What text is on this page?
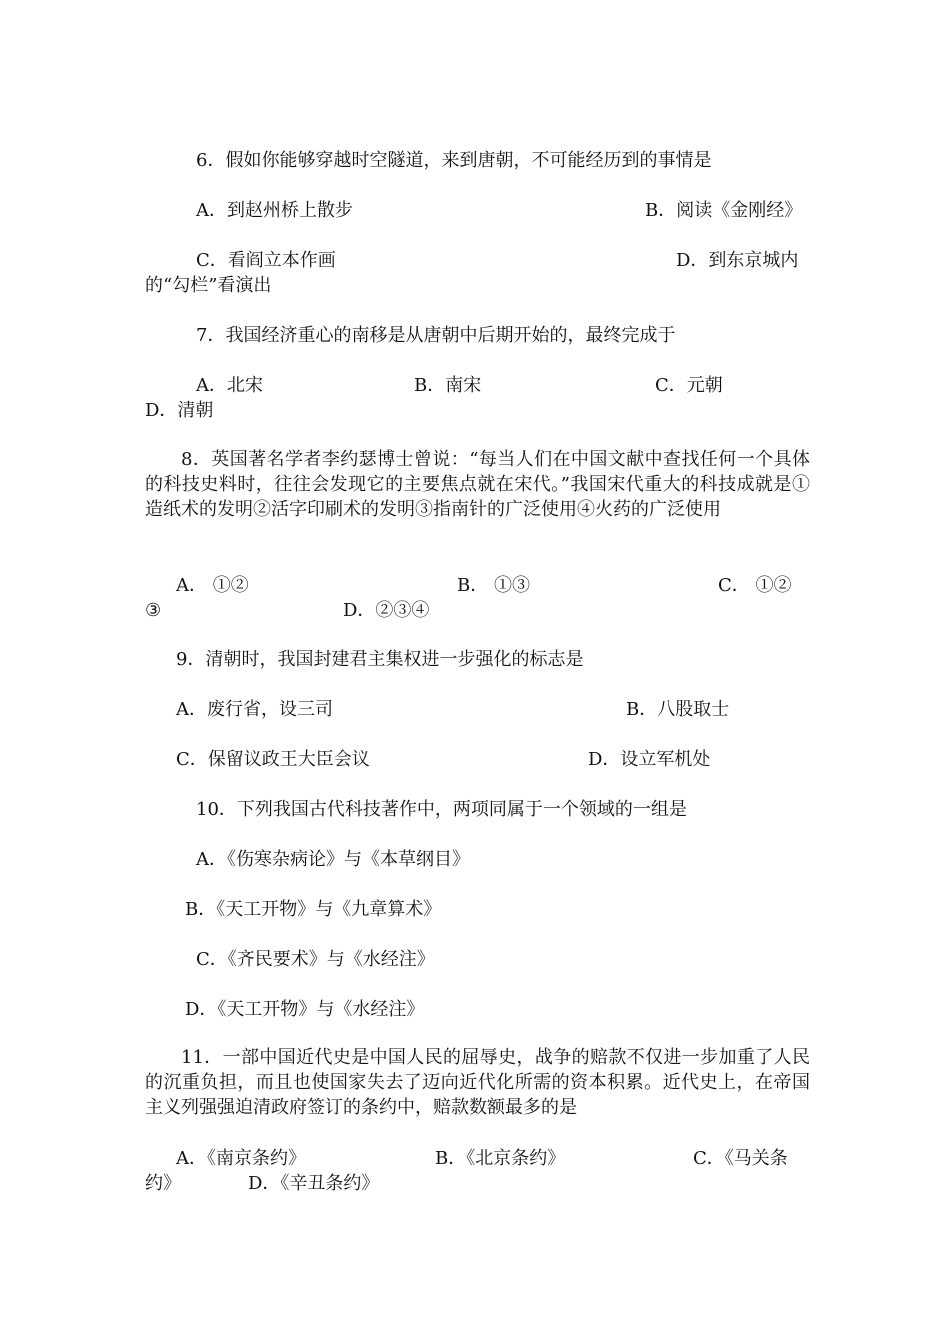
6．假如你能够穿越时空隧道，来到唐朝，不可能经历到的事情是
A．到赵州桥上散步	B．阅读《金刚经》
C．看阎立本作画	D．到东京城内
的“勾栏”看演出
7．我国经济重心的南移是从唐朝中后期开始的，最终完成于
A．北宋	B．南宋	C．元朝
D．清朝
8．英国著名学者李约瑟博士曾说：“每当人们在中国文献中查找任何一个具体的科技史料时，往往会发现它的主要焦点就在宋代。”我国宋代重大的科技成就是①造纸术的发明②活字印刷术的发明③指南针的广泛使用④火药的广泛使用
A． ①②	B． ①③	C． ①②
③	D．②③④
9．清朝时，我国封建君主集权进一步强化的标志是
A．废行省，设三司	B．八股取士
C．保留议政王大臣会议	D．设立军机处
10．下列我国古代科技著作中，两项同属于一个领域的一组是
A．《伤寒杂病论》与《本草纲目》
B．《天工开物》与《九章算术》
C．《齐民要术》与《水经注》
D．《天工开物》与《水经注》
11．一部中国近代史是中国人民的屈辱史，战争的赔款不仅进一步加重了人民的沉重负担，而且也使国家失去了迈向近代化所需的资本积累。近代史上，在帝国主义列强强迫清政府签订的条约中，赔款数额最多的是
A．《南京条约》	B．《北京条约》	C．《马关条
约》	D．《辛丑条约》
